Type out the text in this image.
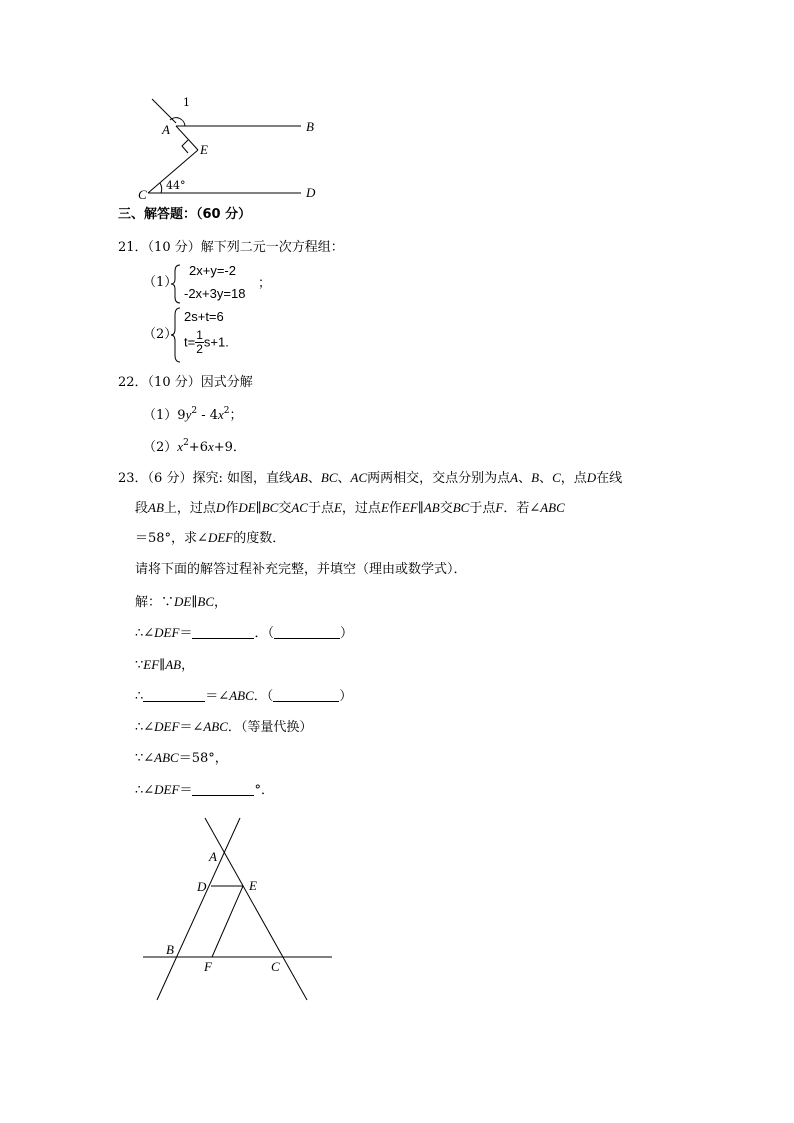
1
A	B
E
C	D
44°
三、解答题：（60 分）
21．（10 分）解下列二元一次方程组：
（1）
2x+y=-2
-2x+3y=18
；
（2）
2s+t=6
$t= \frac{1}{2} s+1$.
22．（10 分）因式分解
$(1)9y^2 - 4x^2$；
$(2)x^2+6x+9$．
23．（6 分）探究: 如图，直线AB、BC、AC两两相交，交点分别为点A、B、C，点D在线
段AB上，过点D作DE∥BC交AC于点E，过点E作EF∥AB交BC于点F．若∠ABC
＝58°，求∠DEF的度数．
请将下面的解答过程补充完整，并填空（理由或数学式）．
解：∵DE∥BC，
∴∠DEF＝	．（	）
∵EF∥AB，
∴	＝∠ABC．（	）
∴∠DEF＝∠ABC．（等量代换）
∵∠ABC＝58°，
∴∠DEF＝	°．
A
D	E
B
F	C
